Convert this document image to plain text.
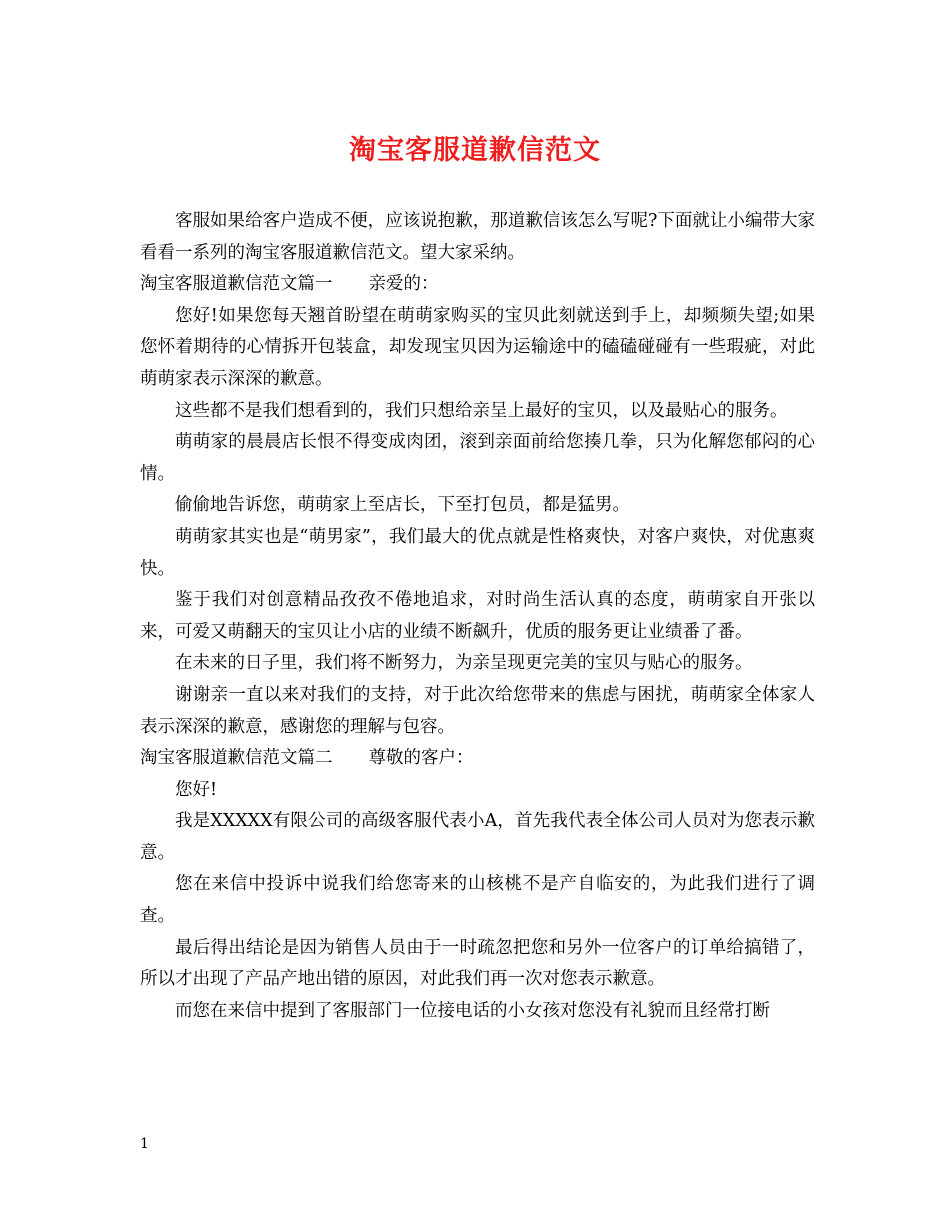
淘宝客服道歉信范文

客服如果给客户造成不便，应该说抱歉，那道歉信该怎么写呢?下面就让小编带大家看看一系列的淘宝客服道歉信范文。望大家采纳。

淘宝客服道歉信范文篇一 亲爱的：

您好!如果您每天翘首盼望在萌萌家购买的宝贝此刻就送到手上，却频频失望;如果您怀着期待的心情拆开包装盒，却发现宝贝因为运输途中的磕磕碰碰有一些瑕疵，对此萌萌家表示深深的歉意。

这些都不是我们想看到的，我们只想给亲呈上最好的宝贝，以及最贴心的服务。

萌萌家的晨晨店长恨不得变成肉团，滚到亲面前给您揍几拳，只为化解您郁闷的心情。

偷偷地告诉您，萌萌家上至店长，下至打包员，都是猛男。

萌萌家其实也是“萌男家”，我们最大的优点就是性格爽快，对客户爽快，对优惠爽快。

鉴于我们对创意精品孜孜不倦地追求，对时尚生活认真的态度，萌萌家自开张以来，可爱又萌翻天的宝贝让小店的业绩不断飙升，优质的服务更让业绩番了番。

在未来的日子里，我们将不断努力，为亲呈现更完美的宝贝与贴心的服务。

谢谢亲一直以来对我们的支持，对于此次给您带来的焦虑与困扰，萌萌家全体家人表示深深的歉意，感谢您的理解与包容。

淘宝客服道歉信范文篇二 尊敬的客户：

您好!

我是XXXXX有限公司的高级客服代表小A，首先我代表全体公司人员对为您表示歉意。

您在来信中投诉中说我们给您寄来的山核桃不是产自临安的，为此我们进行了调查。

最后得出结论是因为销售人员由于一时疏忽把您和另外一位客户的订单给搞错了，所以才出现了产品产地出错的原因，对此我们再一次对您表示歉意。

而您在来信中提到了客服部门一位接电话的小女孩对您没有礼貌而且经常打断

1
